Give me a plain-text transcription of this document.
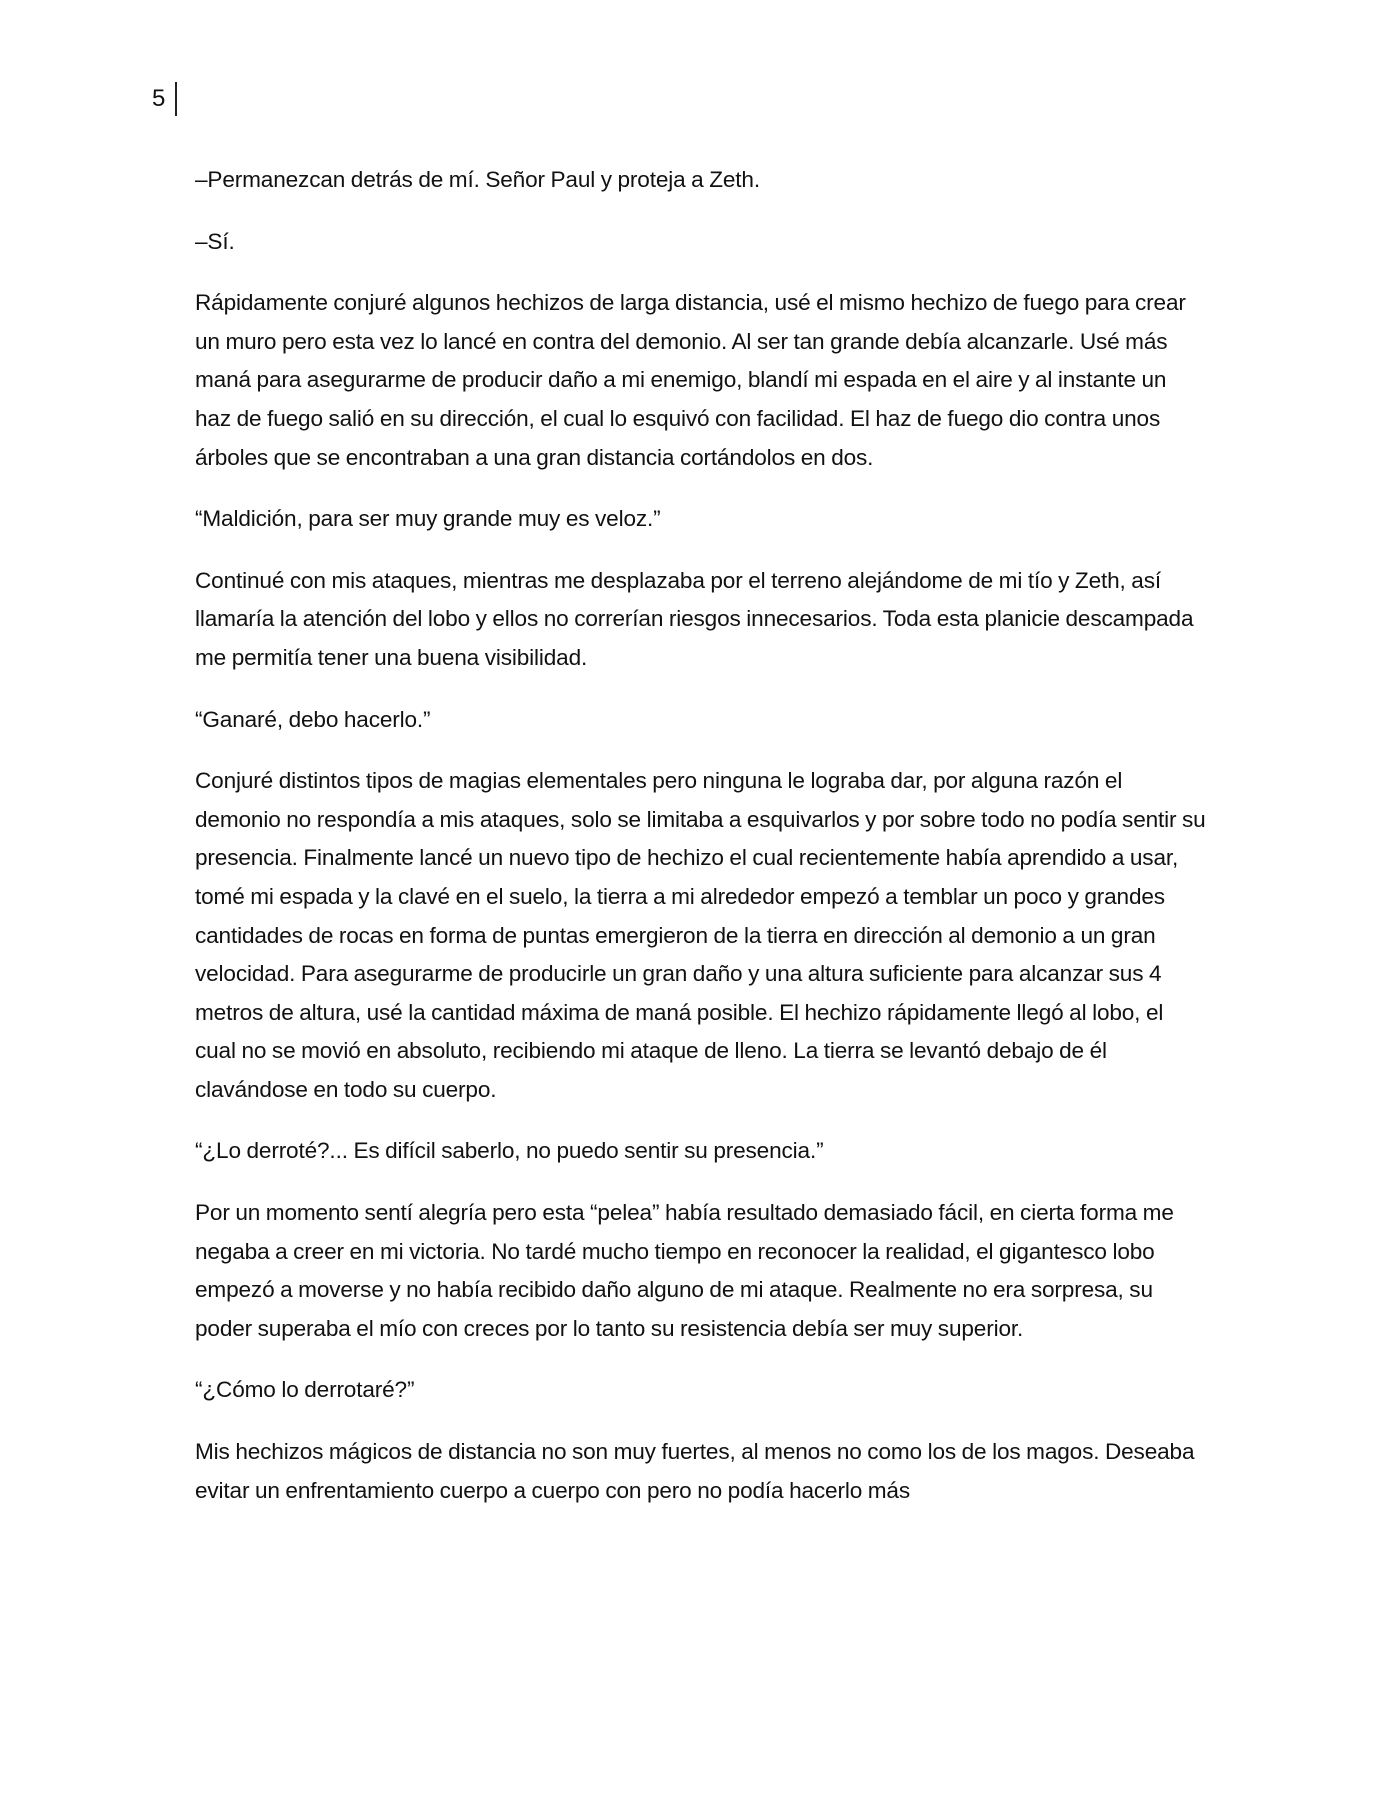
5

–Permanezcan detrás de mí. Señor Paul y proteja a Zeth.

–Sí.

Rápidamente conjuré algunos hechizos de larga distancia, usé el mismo hechizo de fuego para crear un muro pero esta vez lo lancé en contra del demonio. Al ser tan grande debía alcanzarle. Usé más maná para asegurarme de producir daño a mi enemigo, blandí mi espada en el aire y al instante un haz de fuego salió en su dirección, el cual lo esquivó con facilidad. El haz de fuego dio contra unos árboles que se encontraban a una gran distancia cortándolos en dos.

“Maldición, para ser muy grande muy es veloz.”

Continué con mis ataques, mientras me desplazaba por el terreno alejándome de mi tío y Zeth, así llamaría la atención del lobo y ellos no correrían riesgos innecesarios. Toda esta planicie descampada me permitía tener una buena visibilidad.

“Ganaré, debo hacerlo.”

Conjuré distintos tipos de magias elementales pero ninguna le lograba dar, por alguna razón el demonio no respondía a mis ataques, solo se limitaba a esquivarlos y por sobre todo no podía sentir su presencia. Finalmente lancé un nuevo tipo de hechizo el cual recientemente había aprendido a usar, tomé mi espada y la clavé en el suelo, la tierra a mi alrededor empezó a temblar un poco y grandes cantidades de rocas en forma de puntas emergieron de la tierra en dirección al demonio a un gran velocidad. Para asegurarme de producirle un gran daño y una altura suficiente para alcanzar sus 4 metros de altura, usé la cantidad máxima de maná posible. El hechizo rápidamente llegó al lobo, el cual no se movió en absoluto, recibiendo mi ataque de lleno. La tierra se levantó debajo de él clavándose en todo su cuerpo.

“¿Lo derroté?... Es difícil saberlo, no puedo sentir su presencia.”

Por un momento sentí alegría pero esta “pelea” había resultado demasiado fácil, en cierta forma me negaba a creer en mi victoria. No tardé mucho tiempo en reconocer la realidad, el gigantesco lobo empezó a moverse y no había recibido daño alguno de mi ataque. Realmente no era sorpresa, su poder superaba el mío con creces por lo tanto su resistencia debía ser muy superior.

“¿Cómo lo derrotaré?”

Mis hechizos mágicos de distancia no son muy fuertes, al menos no como los de los magos. Deseaba evitar un enfrentamiento cuerpo a cuerpo con pero no podía hacerlo más
